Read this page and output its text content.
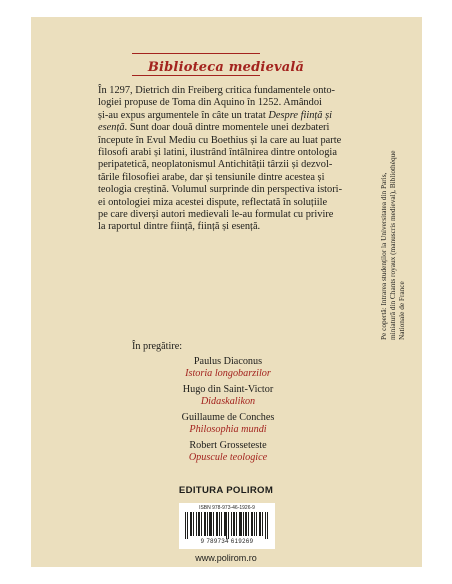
Biblioteca medievală

În 1297, Dietrich din Freiberg critica fundamentele onto-

logiei propuse de Toma din Aquino în 1252. Amândoi

și-au expus argumentele în câte un tratat Despre ființă și

esență. Sunt doar două dintre momentele unei dezbateri

începute în Evul Mediu cu Boethius și la care au luat parte

filosofi arabi și latini, ilustrând întâlnirea dintre ontologia

peripatetică, neoplatonismul Antichității târzii și dezvol-

tările filosofiei arabe, dar și tensiunile dintre acestea și

teologia creștină. Volumul surprinde din perspectiva istori-

ei ontologiei miza acestei dispute, reflectată în soluțiile

pe care diverși autori medievali le-au formulat cu privire

la raportul dintre ființă, ființă și esență.

În pregătire:
Paulus Diaconus
Istoria longobarzilor
Hugo din Saint-Victor
Didaskalikon
Guillaume de Conches
Philosophia mundi
Robert Grosseteste
Opuscule teologice

Pe copertă: Intrarea studenților la Universitatea din Paris, miniatură din Chants royaux (manuscris medieval), Bibliothèque Nationale de France

EDITURA POLIROM
ISBN 978-973-46-1926-9
9 789734 619269
www.polirom.ro
